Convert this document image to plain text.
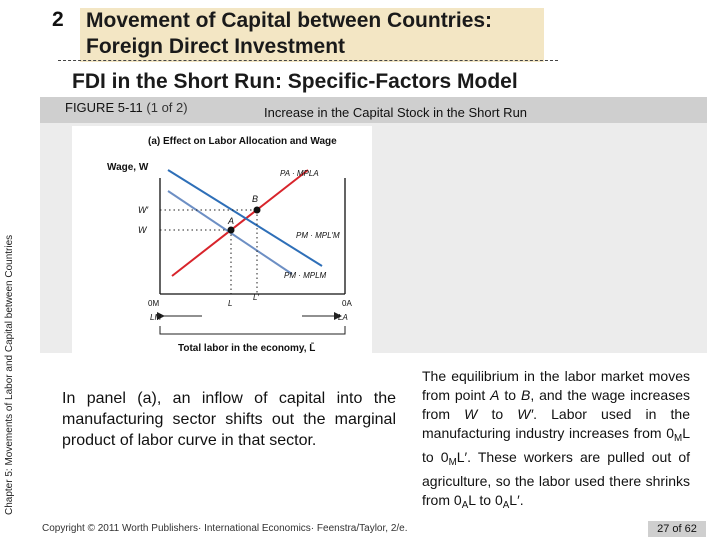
2 Movement of Capital between Countries:
Foreign Direct Investment
FDI in the Short Run: Specific-Factors Model
FIGURE 5-11 (1 of 2)	Increase in the Capital Stock in the Short Run
Chapter 5: Movements of Labor and Capital between Countries
(a) Effect on Labor Allocation and Wage
Wage, W
A
B
W′
W
PA · MPLA
PM · MPL′M
PM · MPLM
0M	0A
L
L′
LM	LA
Total labor in the economy, L̄
In panel (a), an inflow of capital into the manufacturing sector shifts out the marginal product of labor curve in that sector.
The equilibrium in the labor market moves from point A to B, and the wage increases from W to W′. Labor used in the manufacturing industry increases from $0_ML$ to $0_ML'$. These workers are pulled out of agriculture, so the labor used there shrinks from $0_AL$ to $0_AL'$.
Copyright © 2011 Worth Publishers· International Economics· Feenstra/Taylor, 2/e.	27 of 62
